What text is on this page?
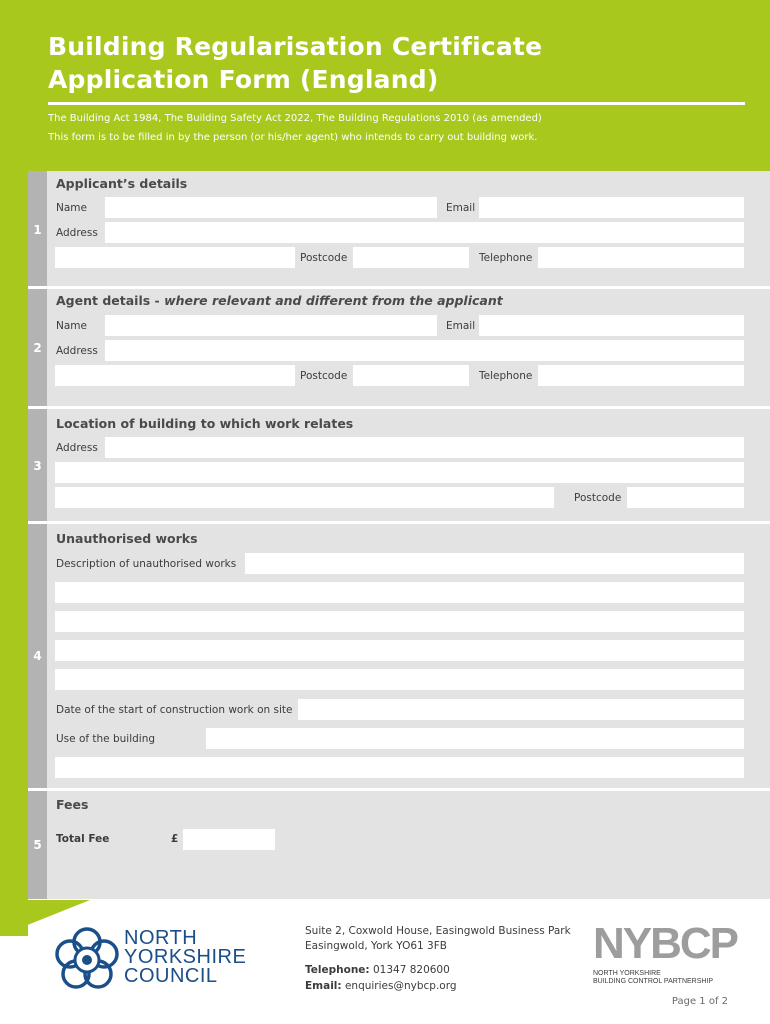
Building Regularisation Certificate
Application Form (England)
The Building Act 1984, The Building Safety Act 2022, The Building Regulations 2010 (as amended)
This form is to be filled in by the person (or his/her agent) who intends to carry out building work.
1
Applicant’s details
Name	Email
Address
Postcode	Telephone
2
Agent details - where relevant and different from the applicant
Name	Email
Address
Postcode	Telephone
3
Location of building to which work relates
Address
Postcode
4
Unauthorised works
Description of unauthorised works
Date of the start of construction work on site
Use of the building
5
Fees
Total Fee	£
NORTH
YORKSHIRE
COUNCIL
Suite 2, Coxwold House, Easingwold Business Park
Easingwold, York YO61 3FB
Telephone: 01347 820600
Email: enquiries@nybcp.org
NYBCP
NORTH YORKSHIRE
BUILDING CONTROL PARTNERSHIP
Page 1 of 2
